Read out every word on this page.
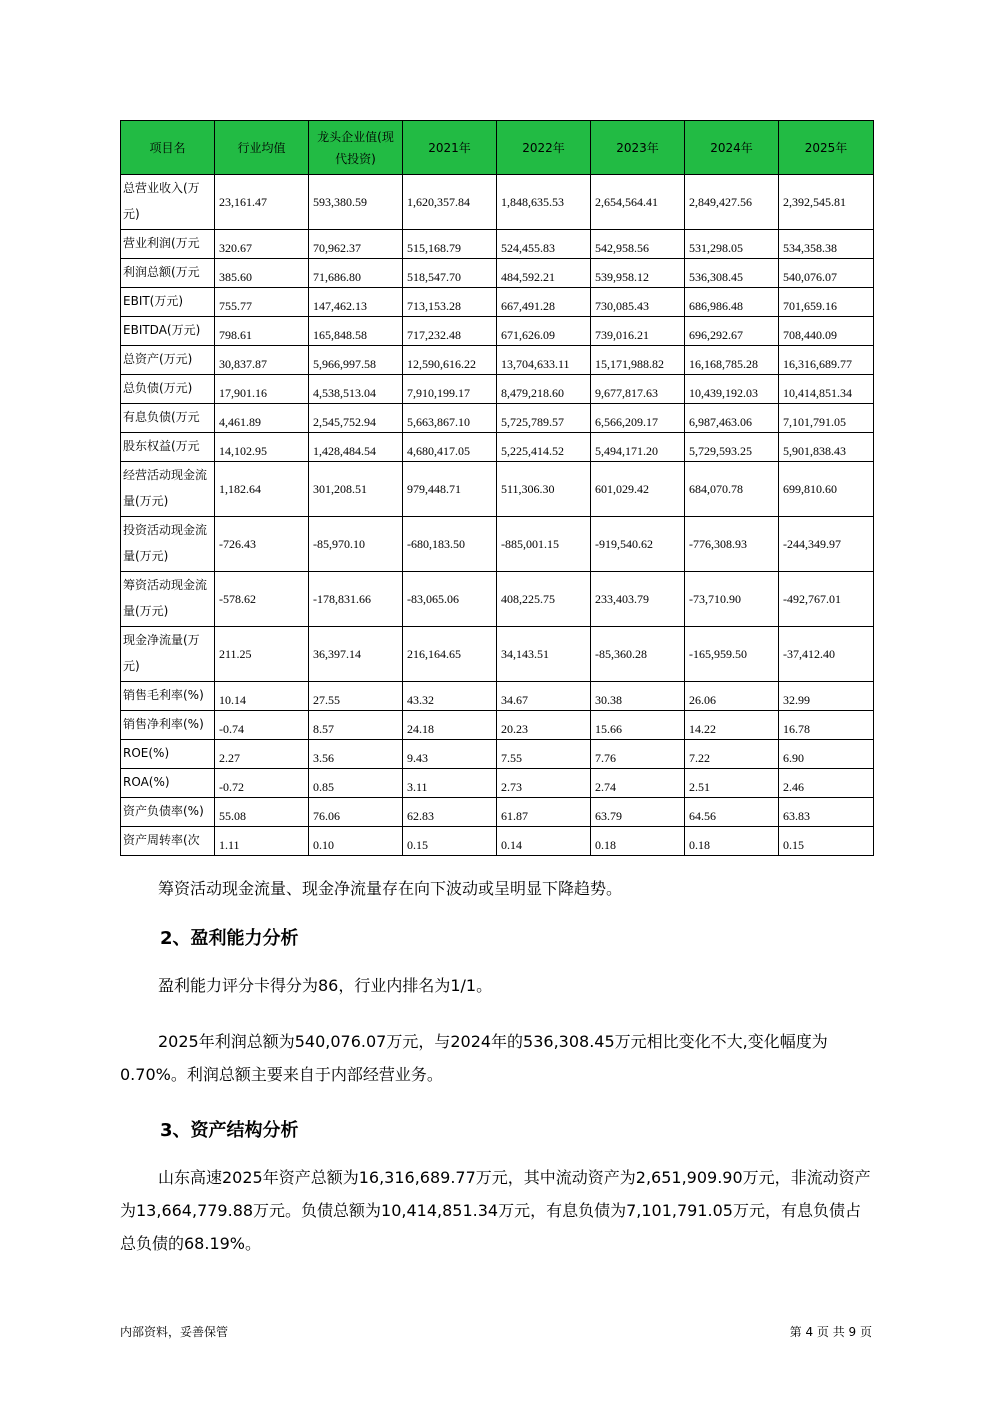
项目名	行业均值	龙头企业值(现代投资)	2021年	2022年	2023年	2024年	2025年
总营业收入(万元)	23,161.47	593,380.59	1,620,357.84	1,848,635.53	2,654,564.41	2,849,427.56	2,392,545.81
营业利润(万元	320.67	70,962.37	515,168.79	524,455.83	542,958.56	531,298.05	534,358.38
利润总额(万元	385.60	71,686.80	518,547.70	484,592.21	539,958.12	536,308.45	540,076.07
EBIT(万元)	755.77	147,462.13	713,153.28	667,491.28	730,085.43	686,986.48	701,659.16
EBITDA(万元)	798.61	165,848.58	717,232.48	671,626.09	739,016.21	696,292.67	708,440.09
总资产(万元)	30,837.87	5,966,997.58	12,590,616.22	13,704,633.11	15,171,988.82	16,168,785.28	16,316,689.77
总负债(万元)	17,901.16	4,538,513.04	7,910,199.17	8,479,218.60	9,677,817.63	10,439,192.03	10,414,851.34
有息负债(万元	4,461.89	2,545,752.94	5,663,867.10	5,725,789.57	6,566,209.17	6,987,463.06	7,101,791.05
股东权益(万元	14,102.95	1,428,484.54	4,680,417.05	5,225,414.52	5,494,171.20	5,729,593.25	5,901,838.43
经营活动现金流量(万元)	1,182.64	301,208.51	979,448.71	511,306.30	601,029.42	684,070.78	699,810.60
投资活动现金流量(万元)	-726.43	-85,970.10	-680,183.50	-885,001.15	-919,540.62	-776,308.93	-244,349.97
筹资活动现金流量(万元)	-578.62	-178,831.66	-83,065.06	408,225.75	233,403.79	-73,710.90	-492,767.01
现金净流量(万元)	211.25	36,397.14	216,164.65	34,143.51	-85,360.28	-165,959.50	-37,412.40
销售毛利率(%)	10.14	27.55	43.32	34.67	30.38	26.06	32.99
销售净利率(%)	-0.74	8.57	24.18	20.23	15.66	14.22	16.78
ROE(%)	2.27	3.56	9.43	7.55	7.76	7.22	6.90
ROA(%)	-0.72	0.85	3.11	2.73	2.74	2.51	2.46
资产负债率(%)	55.08	76.06	62.83	61.87	63.79	64.56	63.83
资产周转率(次	1.11	0.10	0.15	0.14	0.18	0.18	0.15

筹资活动现金流量、现金净流量存在向下波动或呈明显下降趋势。

2、盈利能力分析

盈利能力评分卡得分为86，行业内排名为1/1。

2025年利润总额为540,076.07万元，与2024年的536,308.45万元相比变化不大,变化幅度为0.70%。利润总额主要来自于内部经营业务。

3、资产结构分析

山东高速2025年资产总额为16,316,689.77万元，其中流动资产为2,651,909.90万元，非流动资产为13,664,779.88万元。负债总额为10,414,851.34万元，有息负债为7,101,791.05万元，有息负债占总负债的68.19%。

内部资料，妥善保管	第 4 页 共 9 页
